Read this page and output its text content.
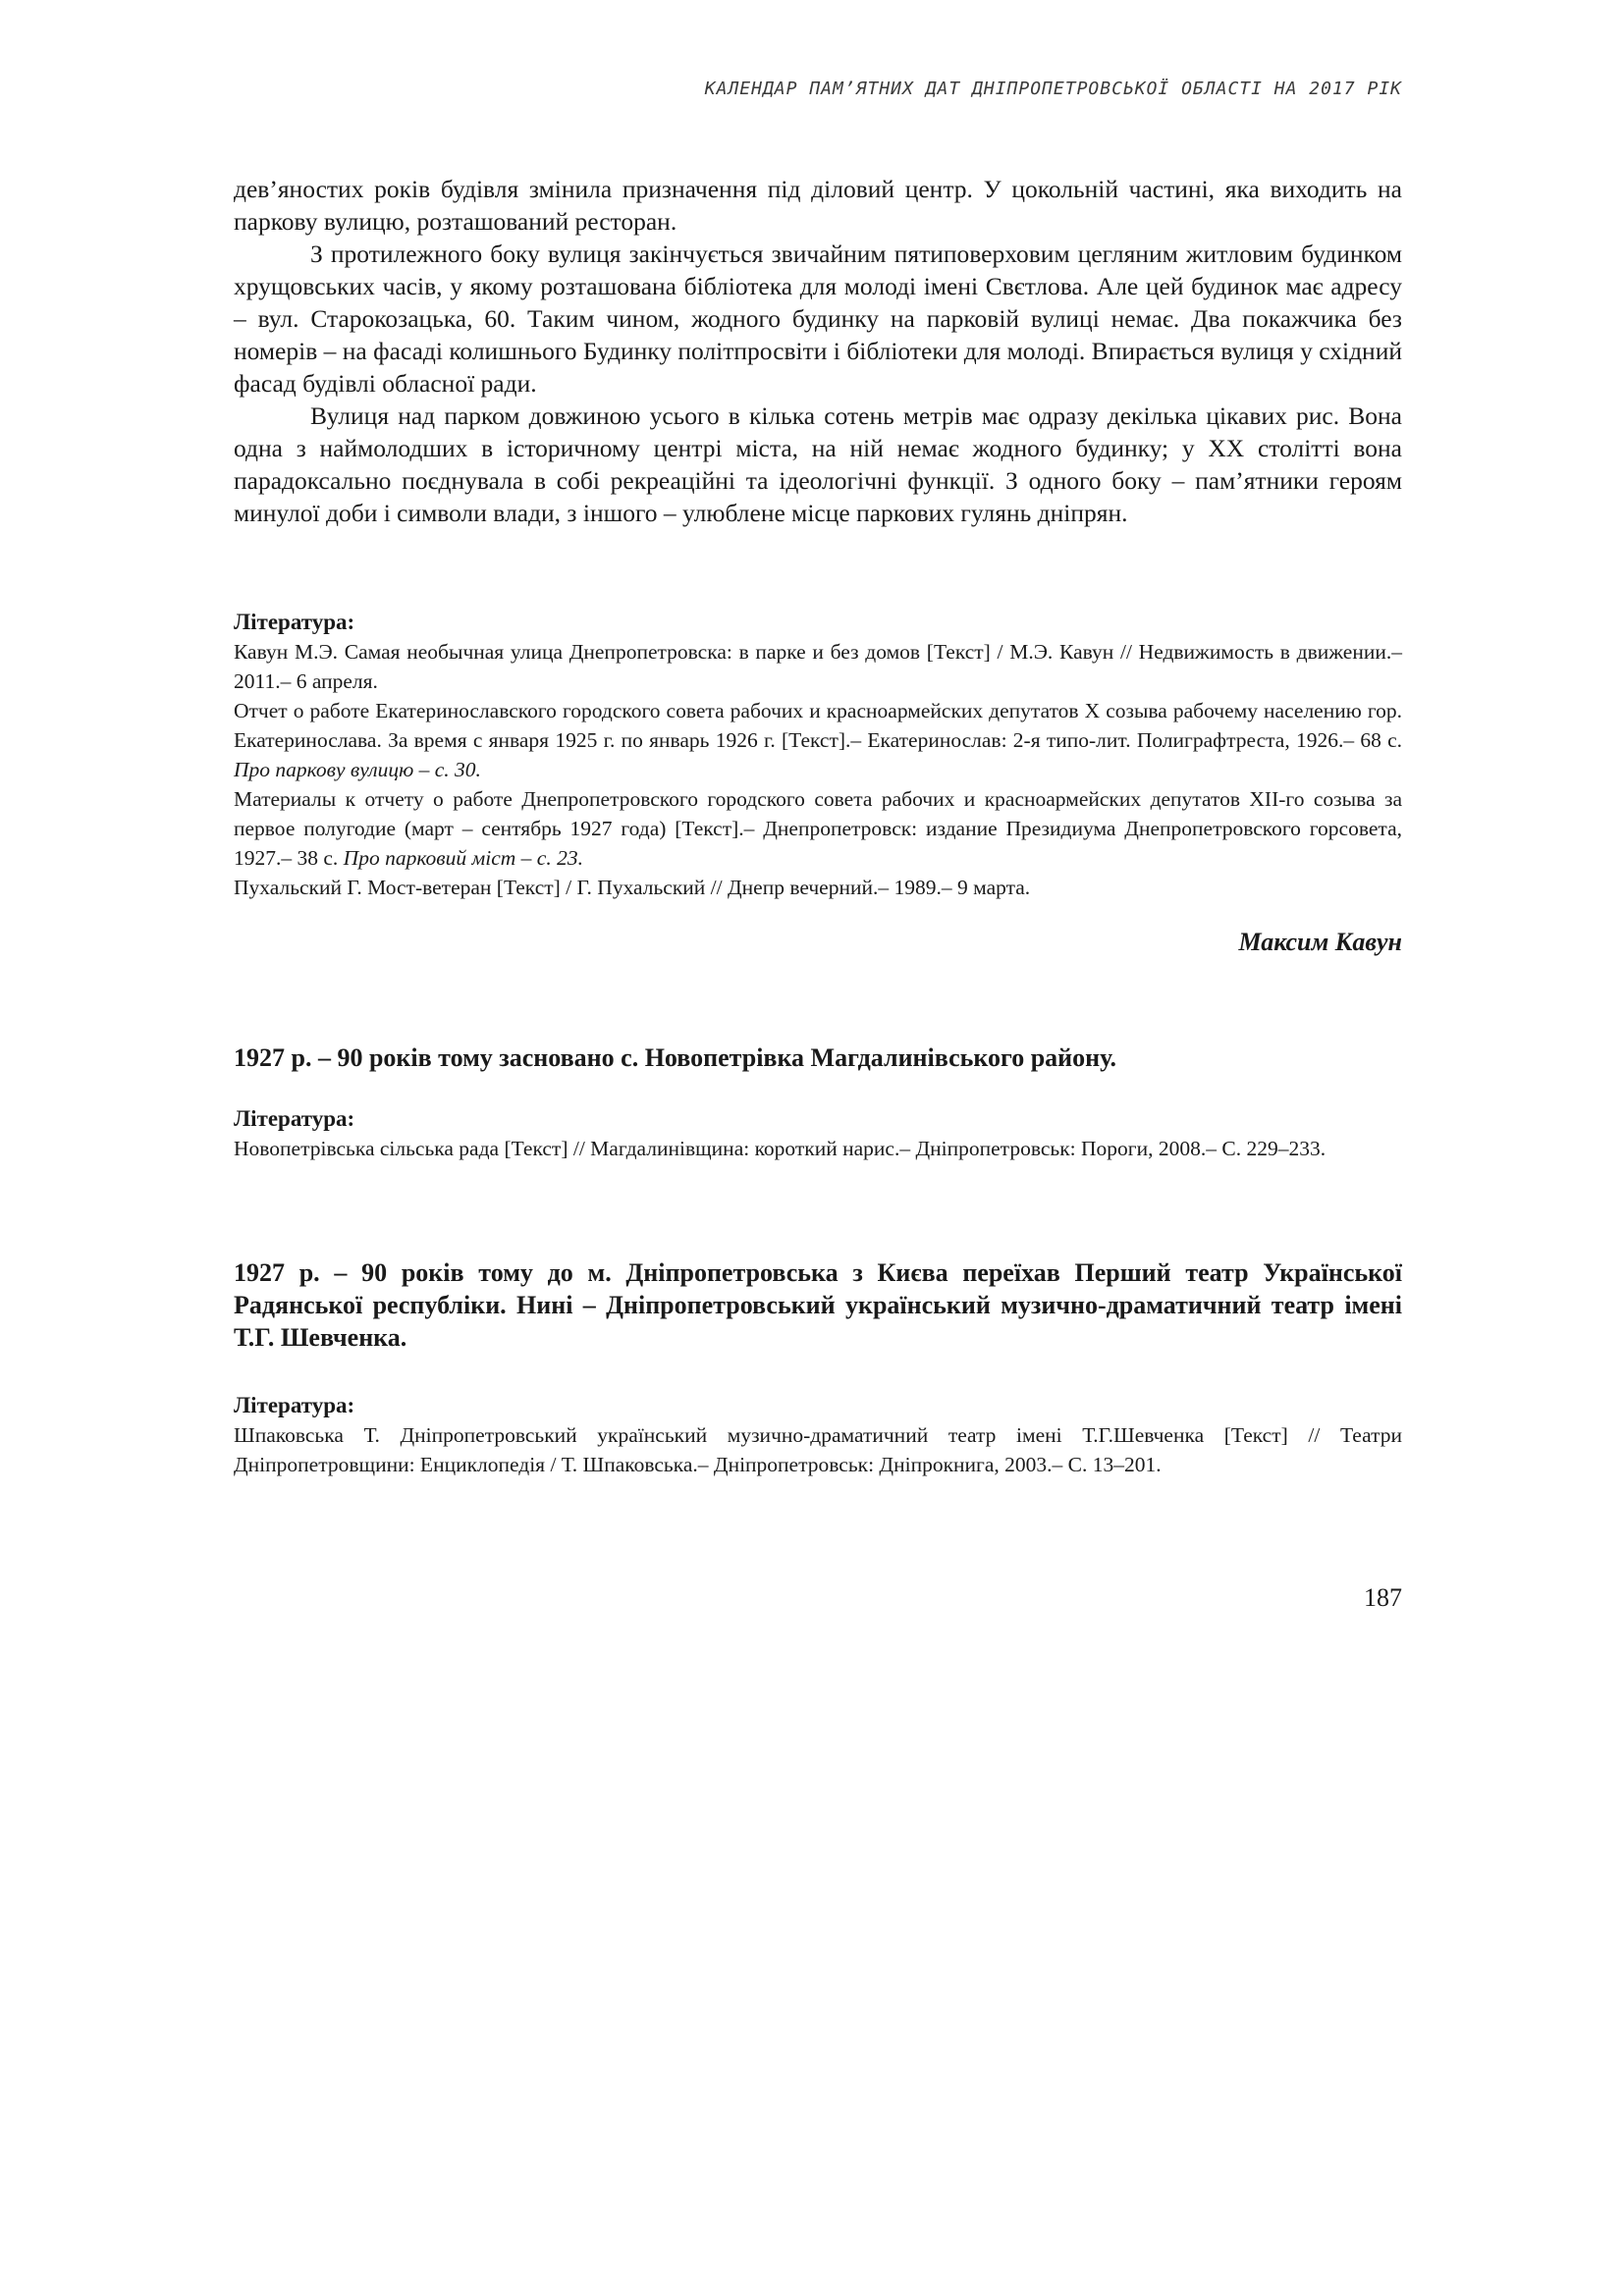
КАЛЕНДАР ПАМ’ЯТНИХ ДАТ ДНІПРОПЕТРОВСЬКОЇ ОБЛАСТІ НА 2017 РІК

дев’яностих років будівля змінила призначення під діловий центр. У цокольній частині, яка виходить на паркову вулицю, розташований ресторан.

З протилежного боку вулиця закінчується звичайним пятиповерховим цегляним житловим будинком хрущовських часів, у якому розташована бібліотека для молоді імені Свєтлова. Але цей будинок має адресу – вул. Старокозацька, 60. Таким чином, жодного будинку на парковій вулиці немає. Два покажчика без номерів – на фасаді колишнього Будинку політпросвіти і бібліотеки для молоді. Впирається вулиця у східний фасад будівлі обласної ради.

Вулиця над парком довжиною усього в кілька сотень метрів має одразу декілька цікавих рис. Вона одна з наймолодших в історичному центрі міста, на ній немає жодного будинку; у ХХ столітті вона парадоксально поєднувала в собі рекреаційні та ідеологічні функції. З одного боку – пам’ятники героям минулої доби і символи влади, з іншого – улюблене місце паркових гулянь дніпрян.

Література:

Кавун М.Э. Самая необычная улица Днепропетровска: в парке и без домов [Текст] / М.Э. Кавун // Недвижимость в движении.– 2011.– 6 апреля.

Отчет о работе Екатеринославского городского совета рабочих и красноармейских депутатов Х созыва рабочему населению гор. Екатеринослава. За время с января 1925 г. по январь 1926 г. [Текст].– Екатеринослав: 2-я типо-лит. Полиграфтреста, 1926.– 68 с. Про паркову вулицю – с. 30.

Материалы к отчету о работе Днепропетровского городского совета рабочих и красноармейских депутатов ХII-го созыва за первое полугодие (март – сентябрь 1927 года) [Текст].– Днепропетровск: издание Президиума Днепропетровского горсовета, 1927.– 38 с. Про парковий міст – с. 23.

Пухальский Г. Мост-ветеран [Текст] / Г. Пухальский // Днепр вечерний.– 1989.– 9 марта.

Максим Кавун

1927 р. – 90 років тому засновано с. Новопетрівка Магдалинівського району.

Література:

Новопетрівська сільська рада [Текст] // Магдалинівщина: короткий нарис.– Дніпропетровськ: Пороги, 2008.– С. 229–233.

1927 р. – 90 років тому до м. Дніпропетровська з Києва переїхав Перший театр Української Радянської республіки. Нині – Дніпропетровський український музично-драматичний театр імені Т.Г. Шевченка.

Література:

Шпаковська Т. Дніпропетровський український музично-драматичний театр імені Т.Г.Шевченка [Текст] // Театри Дніпропетровщини: Енциклопедія / Т. Шпаковська.– Дніпропетровськ: Дніпрокнига, 2003.– С. 13–201.

187
